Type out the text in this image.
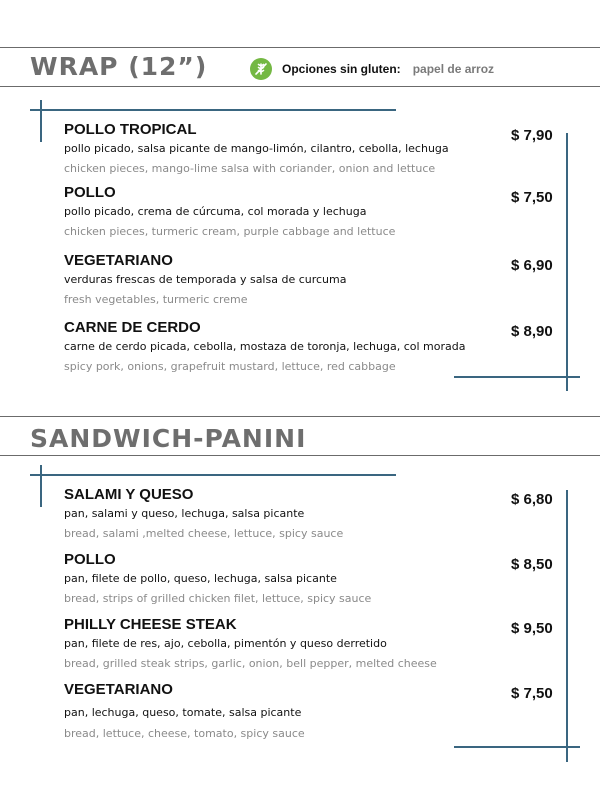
WRAP (12”)	Opciones sin gluten: papel de arroz
POLLO TROPICAL
pollo picado, salsa picante de mango-limón, cilantro, cebolla, lechuga
chicken pieces, mango-lime salsa with coriander, onion and lettuce
$ 7,90
POLLO
pollo picado, crema de cúrcuma, col morada y lechuga
chicken pieces, turmeric cream, purple cabbage and lettuce
$ 7,50
VEGETARIANO
verduras frescas de temporada y salsa de curcuma
fresh vegetables, turmeric creme
$ 6,90
CARNE DE CERDO
carne de cerdo picada, cebolla, mostaza de toronja, lechuga, col morada
spicy pork, onions, grapefruit mustard, lettuce, red cabbage
$ 8,90
SANDWICH-PANINI
SALAMI Y QUESO
pan, salami y queso, lechuga, salsa picante
bread, salami ,melted cheese, lettuce, spicy sauce
$ 6,80
POLLO
pan, filete de pollo, queso, lechuga, salsa picante
bread, strips of grilled chicken filet, lettuce, spicy sauce
$ 8,50
PHILLY CHEESE STEAK
pan, filete de res, ajo, cebolla, pimentón y queso derretido
bread, grilled steak strips, garlic, onion, bell pepper, melted cheese
$ 9,50
VEGETARIANO
pan, lechuga, queso, tomate, salsa picante
bread, lettuce, cheese, tomato, spicy sauce
$ 7,50
